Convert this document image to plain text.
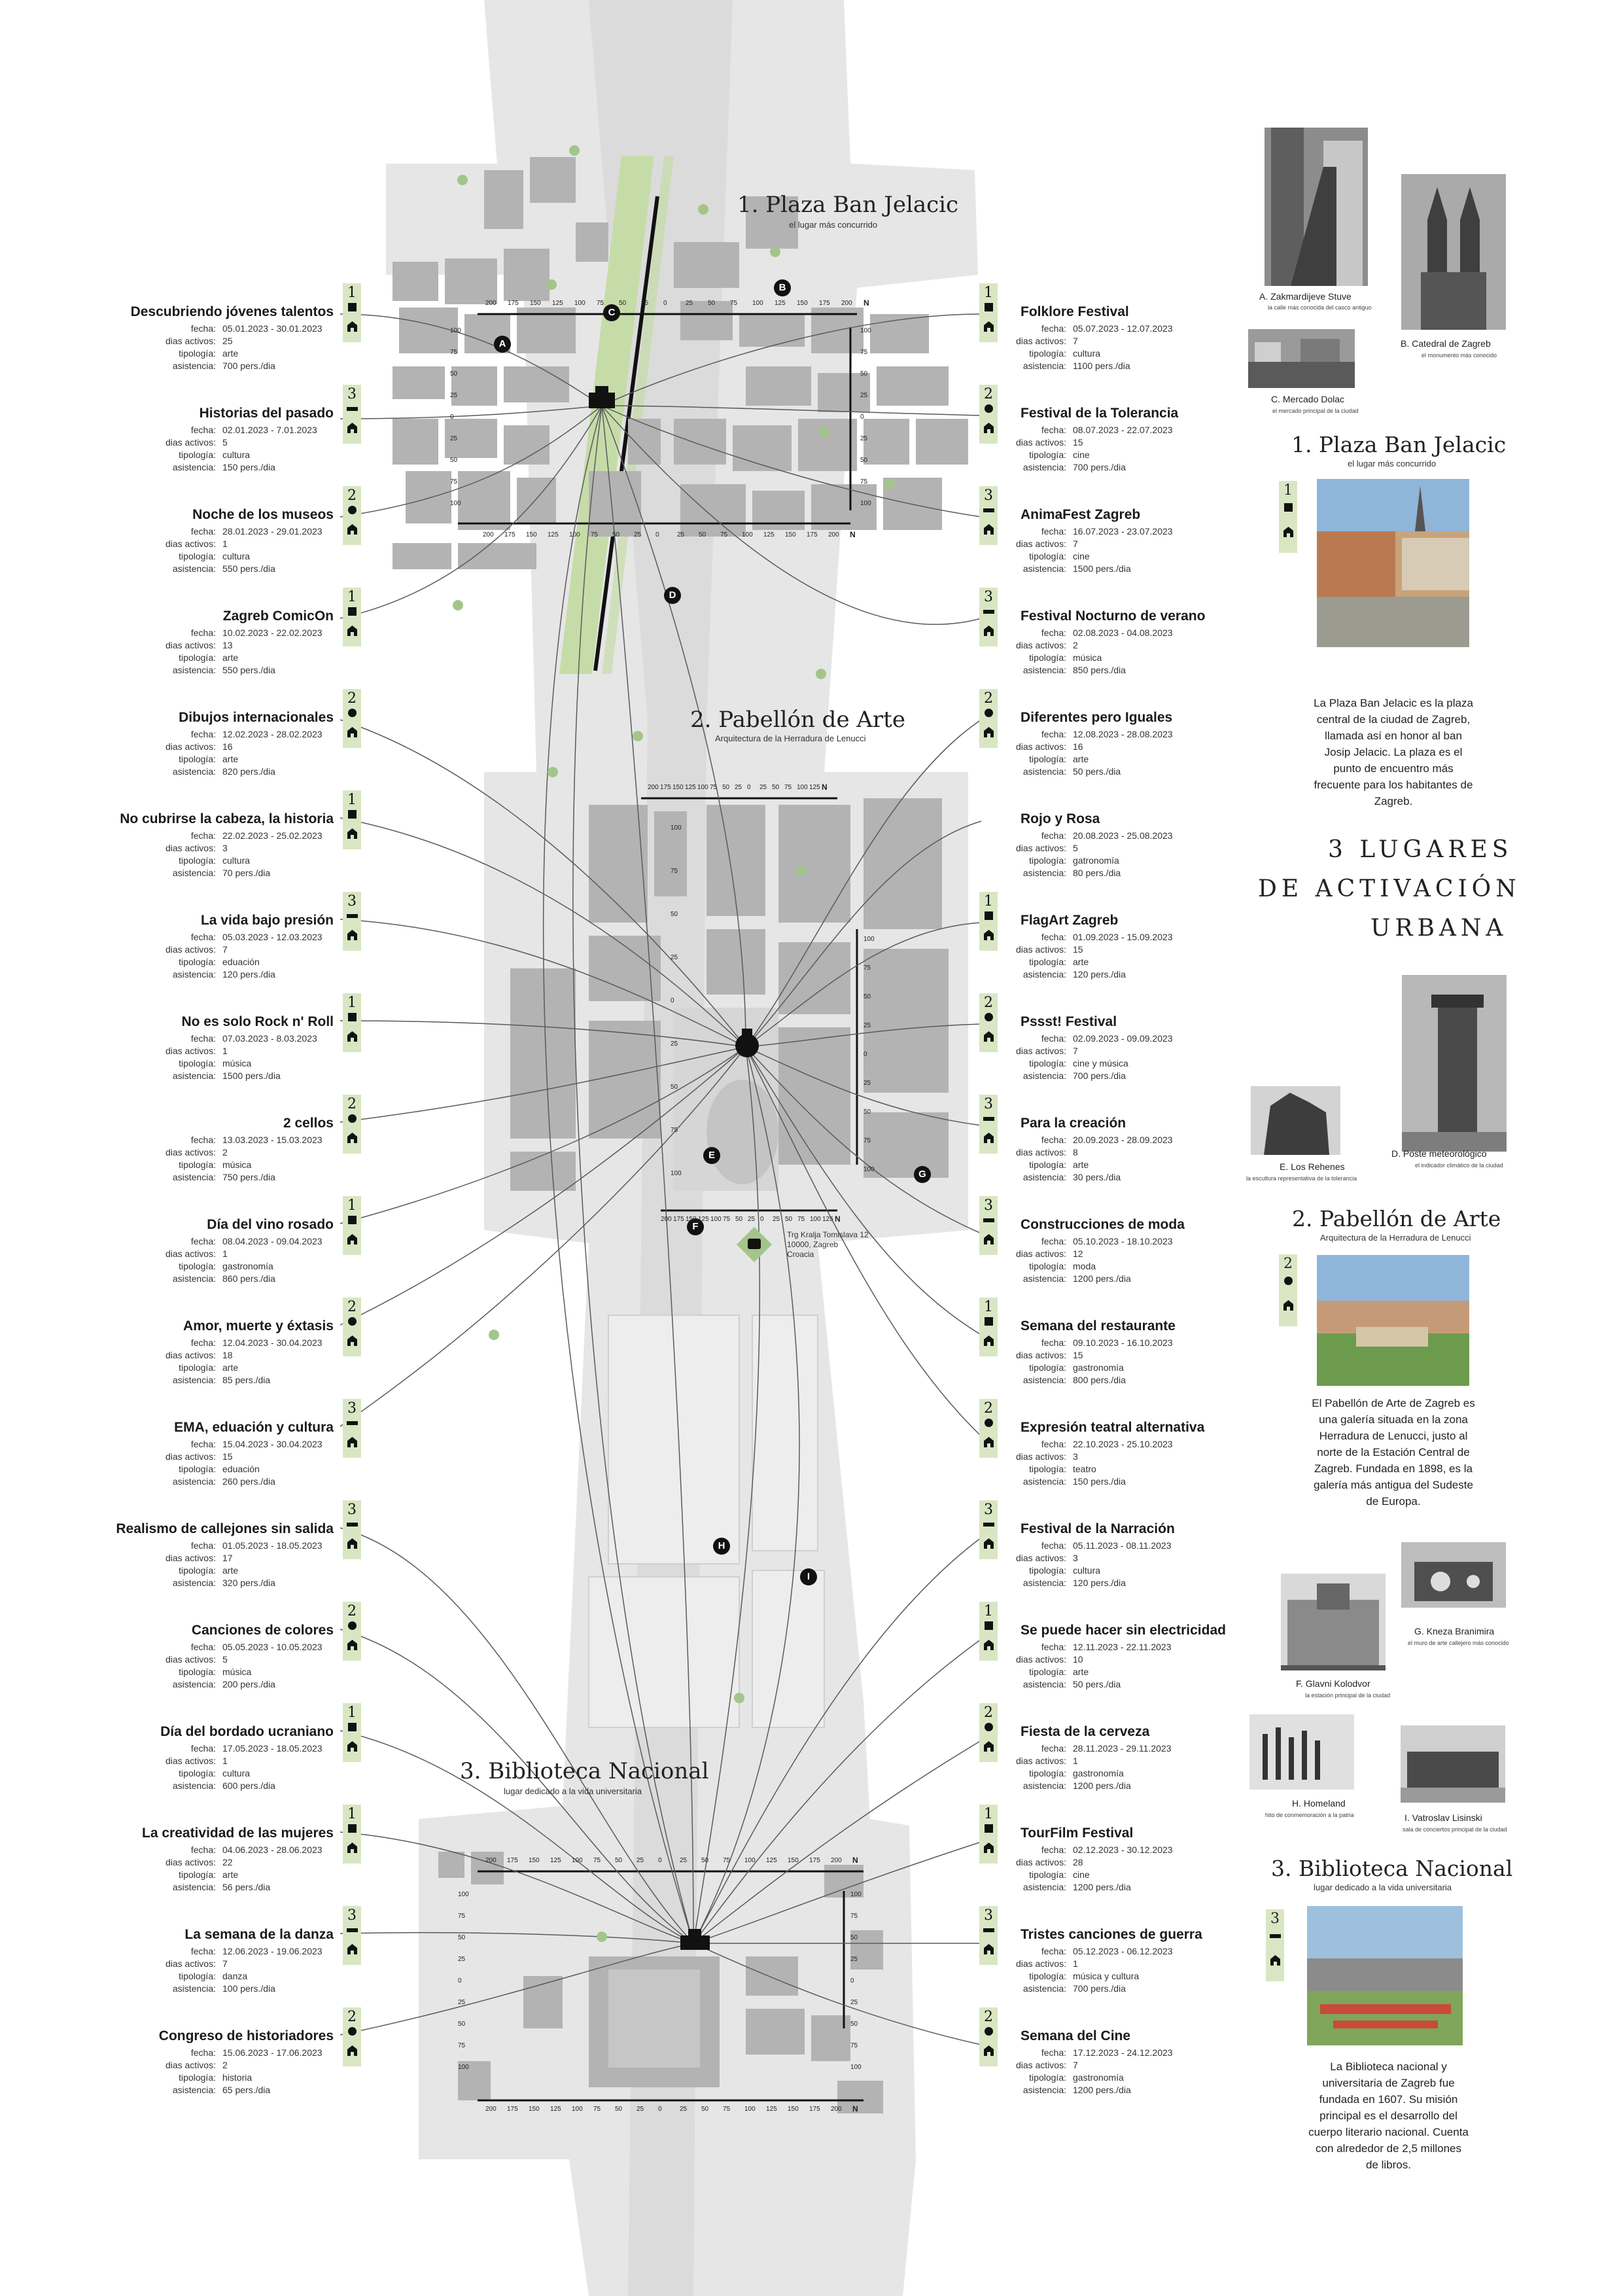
Trg Kralja Tomislava 12
10000, Zagreb
Croacia
A
B
C
D
E
F
G
H
I
1. Plaza Ban Jelacic
el lugar más concurrido
2. Pabellón de Arte
Arquitectura de la Herradura de Lenucci
3. Biblioteca Nacional
lugar dedicado a la vida universitaria
200 175 150 125 100 75 50 25 0	25 50 75 100 125 150 175 200 N
200 175 150 125 100 75 50 25 0	25 50 75 100 125 150 175 200 N
200 175 150 125 100 75 50 25 0 25 50 75 100 125 N
200 175 150 125 100 75 50 25 0 25 50 75 100 125 N
200 175 150 125 100 75 50 25 0	25 50 75 100 125 150 175 200 N
200 175 150 125 100 75 50 25 0	25 50 75 100 125 150 175 200 N
100
75
50
25
0
25
50
75
100
100
75
50
25
0
25
50
75
100
100
75
50
25
0
25
50
75
100
100
75
50
25
0
25
50
75
100
100
75
50
25
0
25
50
75
100
100
75
50
25
0
25
50
75
100
Descubriendo jóvenes talentos
fecha: 05.01.2023 - 30.01.2023
dias activos: 25
tipología: arte
asistencia: 700 pers./dia
1
Historias del pasado
fecha: 02.01.2023 - 7.01.2023
dias activos: 5
tipología: cultura
asistencia: 150 pers./dia
3
Noche de los museos
fecha: 28.01.2023 - 29.01.2023
dias activos: 1
tipología: cultura
asistencia: 550 pers./dia
2
Zagreb ComicOn
fecha: 10.02.2023 - 22.02.2023
dias activos: 13
tipología: arte
asistencia: 550 pers./dia
1
Dibujos internacionales
fecha: 12.02.2023 - 28.02.2023
dias activos: 16
tipología: arte
asistencia: 820 pers./dia
2
No cubrirse la cabeza, la historia
fecha: 22.02.2023 - 25.02.2023
dias activos: 3
tipología: cultura
asistencia: 70 pers./dia
1
La vida bajo presión
fecha: 05.03.2023 - 12.03.2023
dias activos: 7
tipología: eduación
asistencia: 120 pers./dia
3
No es solo Rock n' Roll
fecha: 07.03.2023 - 8.03.2023
dias activos: 1
tipología: música
asistencia: 1500 pers./dia
1
2 cellos
fecha: 13.03.2023 - 15.03.2023
dias activos: 2
tipología: música
asistencia: 750 pers./dia
2
Día del vino rosado
fecha: 08.04.2023 - 09.04.2023
dias activos: 1
tipología: gastronomía
asistencia: 860 pers./dia
1
Amor, muerte y éxtasis
fecha: 12.04.2023 - 30.04.2023
dias activos: 18
tipología: arte
asistencia: 85 pers./dia
2
EMA, eduación y cultura
fecha: 15.04.2023 - 30.04.2023
dias activos: 15
tipología: eduación
asistencia: 260 pers./dia
3
Realismo de callejones sin salida
fecha: 01.05.2023 - 18.05.2023
dias activos: 17
tipología: arte
asistencia: 320 pers./dia
3
Canciones de colores
fecha: 05.05.2023 - 10.05.2023
dias activos: 5
tipología: música
asistencia: 200 pers./dia
2
Día del bordado ucraniano
fecha: 17.05.2023 - 18.05.2023
dias activos: 1
tipología: cultura
asistencia: 600 pers./dia
1
La creatividad de las mujeres
fecha: 04.06.2023 - 28.06.2023
dias activos: 22
tipología: arte
asistencia: 56 pers./dia
1
La semana de la danza
fecha: 12.06.2023 - 19.06.2023
dias activos: 7
tipología: danza
asistencia: 100 pers./dia
3
Congreso de historiadores
fecha: 15.06.2023 - 17.06.2023
dias activos: 2
tipología: historia
asistencia: 65 pers./dia
2
Folklore Festival
fecha: 05.07.2023 - 12.07.2023
dias activos: 7
tipología: cultura
asistencia: 1100 pers./dia
1
Festival de la Tolerancia
fecha: 08.07.2023 - 22.07.2023
dias activos: 15
tipología: cine
asistencia: 700 pers./dia
2
AnimaFest Zagreb
fecha: 16.07.2023 - 23.07.2023
dias activos: 7
tipología: cine
asistencia: 1500 pers./dia
3
Festival Nocturno de verano
fecha: 02.08.2023 - 04.08.2023
dias activos: 2
tipología: música
asistencia: 850 pers./dia
3
Diferentes pero Iguales
fecha: 12.08.2023 - 28.08.2023
dias activos: 16
tipología: arte
asistencia: 50 pers./dia
2
Rojo y Rosa
fecha: 20.08.2023 - 25.08.2023
dias activos: 5
tipología: gatronomía
asistencia: 80 pers./dia
FlagArt Zagreb
fecha: 01.09.2023 - 15.09.2023
dias activos: 15
tipología: arte
asistencia: 120 pers./dia
1
Pssst! Festival
fecha: 02.09.2023 - 09.09.2023
dias activos: 7
tipología: cine y música
asistencia: 700 pers./dia
2
Para la creación
fecha: 20.09.2023 - 28.09.2023
dias activos: 8
tipología: arte
asistencia: 30 pers./dia
3
Construcciones de moda
fecha: 05.10.2023 - 18.10.2023
dias activos: 12
tipología: moda
asistencia: 1200 pers./dia
3
Semana del restaurante
fecha: 09.10.2023 - 16.10.2023
dias activos: 15
tipología: gastronomía
asistencia: 800 pers./dia
1
Expresión teatral alternativa
fecha: 22.10.2023 - 25.10.2023
dias activos: 3
tipología: teatro
asistencia: 150 pers./dia
2
Festival de la Narración
fecha: 05.11.2023 - 08.11.2023
dias activos: 3
tipología: cultura
asistencia: 120 pers./dia
3
Se puede hacer sin electricidad
fecha: 12.11.2023 - 22.11.2023
dias activos: 10
tipología: arte
asistencia: 50 pers./dia
1
Fiesta de la cerveza
fecha: 28.11.2023 - 29.11.2023
dias activos: 1
tipología: gastronomía
asistencia: 1200 pers./dia
2
TourFilm Festival
fecha: 02.12.2023 - 30.12.2023
dias activos: 28
tipología: cine
asistencia: 1200 pers./dia
1
Tristes canciones de guerra
fecha: 05.12.2023 - 06.12.2023
dias activos: 1
tipología: música y cultura
asistencia: 700 pers./dia
3
Semana del Cine
fecha: 17.12.2023 - 24.12.2023
dias activos: 7
tipología: gastronomía
asistencia: 1200 pers./dia
2
A. Zakmardijeve Stuve
la calle más conocida del casco antiguo
B. Catedral de Zagreb
el monumento más conocido
C. Mercado Dolac
el mercado principal de la ciudad
1. Plaza Ban Jelacic
el lugar más concurrido
1
La Plaza Ban Jelacic es la plaza central de la ciudad de Zagreb, llamada así en honor al ban Josip Jelacic. La plaza es el punto de encuentro más frecuente para los habitantes de Zagreb.
3 LUGARES
DE ACTIVACIÓN
URBANA
D. Poste meteorológico
el indicador climático de la ciudad
E. Los Rehenes
la escultura representativa de la tolerancia
2. Pabellón de Arte
Arquitectura de la Herradura de Lenucci
2
El Pabellón de Arte de Zagreb es una galería situada en la zona Herradura de Lenucci, justo al norte de la Estación Central de Zagreb. Fundada en 1898, es la galería más antigua del Sudeste de Europa.
F. Glavni Kolodvor
la estación principal de la ciudad
G. Kneza Branimira
el muro de arte callejero más conocido
H. Homeland
hito de conmemoración a la patria	I. Vatroslav Lisinski
sala de conciertos principal de la ciudad
3. Biblioteca Nacional
lugar dedicado a la vida universitaria
3
La Biblioteca nacional y universitaria de Zagreb fue fundada en 1607. Su misión principal es el desarrollo del cuerpo literario nacional. Cuenta con alrededor de 2,5 millones de libros.
